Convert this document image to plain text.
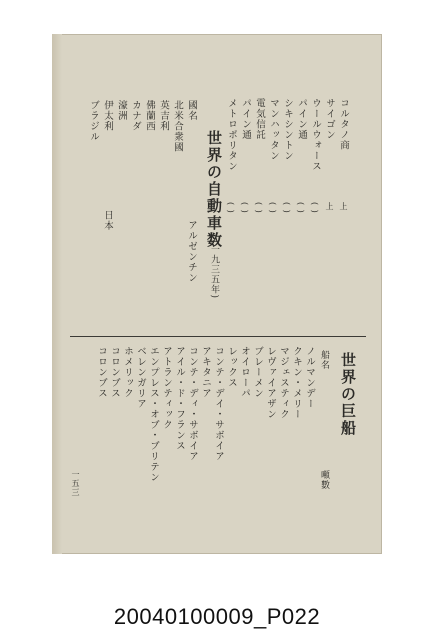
コルタノ商
サイゴン
ウールウォース
パイン通
シキシントン
マンハッタン
電気信託
パイン通
メトロポリタン
上
上
( )
( )
( )
( )
( )
( )
( )
世界の自動車数
(一九三五年)
國名
北米合衆國
英吉利
佛蘭西
カナダ
濠洲
伊太利
アルゼンチン
ブラジル
日本
世界の巨船
船名
ノルマンデー
クキン・メリー
マジェスティク
レヴァイアザン
ブレーメン
オイローパ
レックス
コンテ・デイ・サボイア
アキタニア
コンテ・ディ・サボイア
アイル・ド・フランス
アトランティック
エンプレス・オブ・ブリテン
ベレンガリア
ホメリック
コロンブス
コロンブス
噸數
一五三
20040100009_P022
